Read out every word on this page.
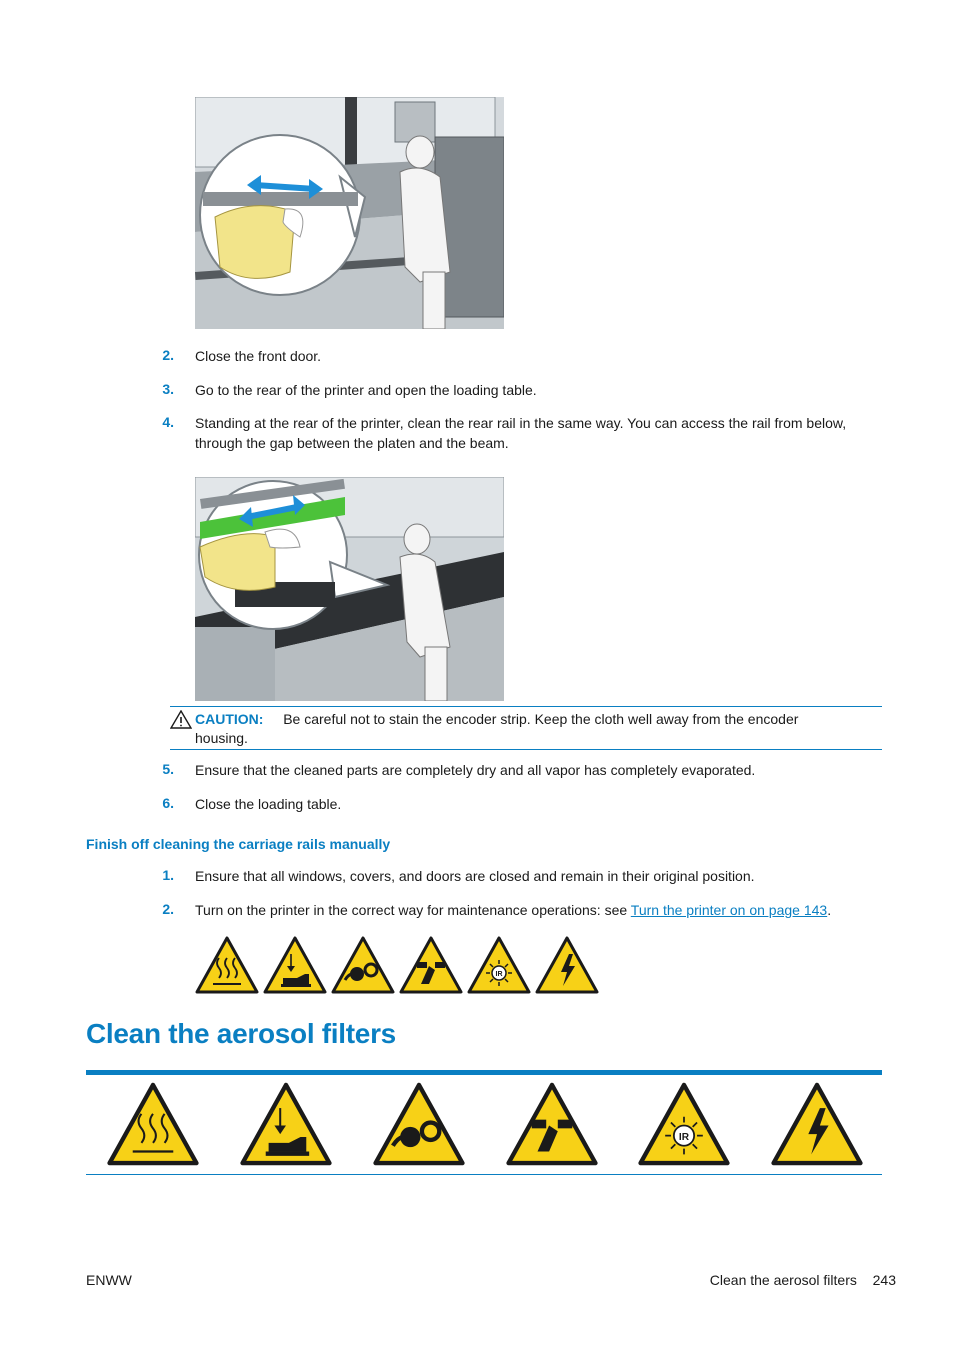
2. Close the front door.
3. Go to the rear of the printer and open the loading table.
4. Standing at the rear of the printer, clean the rear rail in the same way. You can access the rail from below, through the gap between the platen and the beam.
CAUTION: Be careful not to stain the encoder strip. Keep the cloth well away from the encoder housing.
5. Ensure that the cleaned parts are completely dry and all vapor has completely evaporated.
6. Close the loading table.
Finish off cleaning the carriage rails manually
1. Ensure that all windows, covers, and doors are closed and remain in their original position.
2. Turn on the printer in the correct way for maintenance operations: see Turn the printer on on page 143.
IR
Clean the aerosol filters
IR
ENWW	Clean the aerosol filters 243
